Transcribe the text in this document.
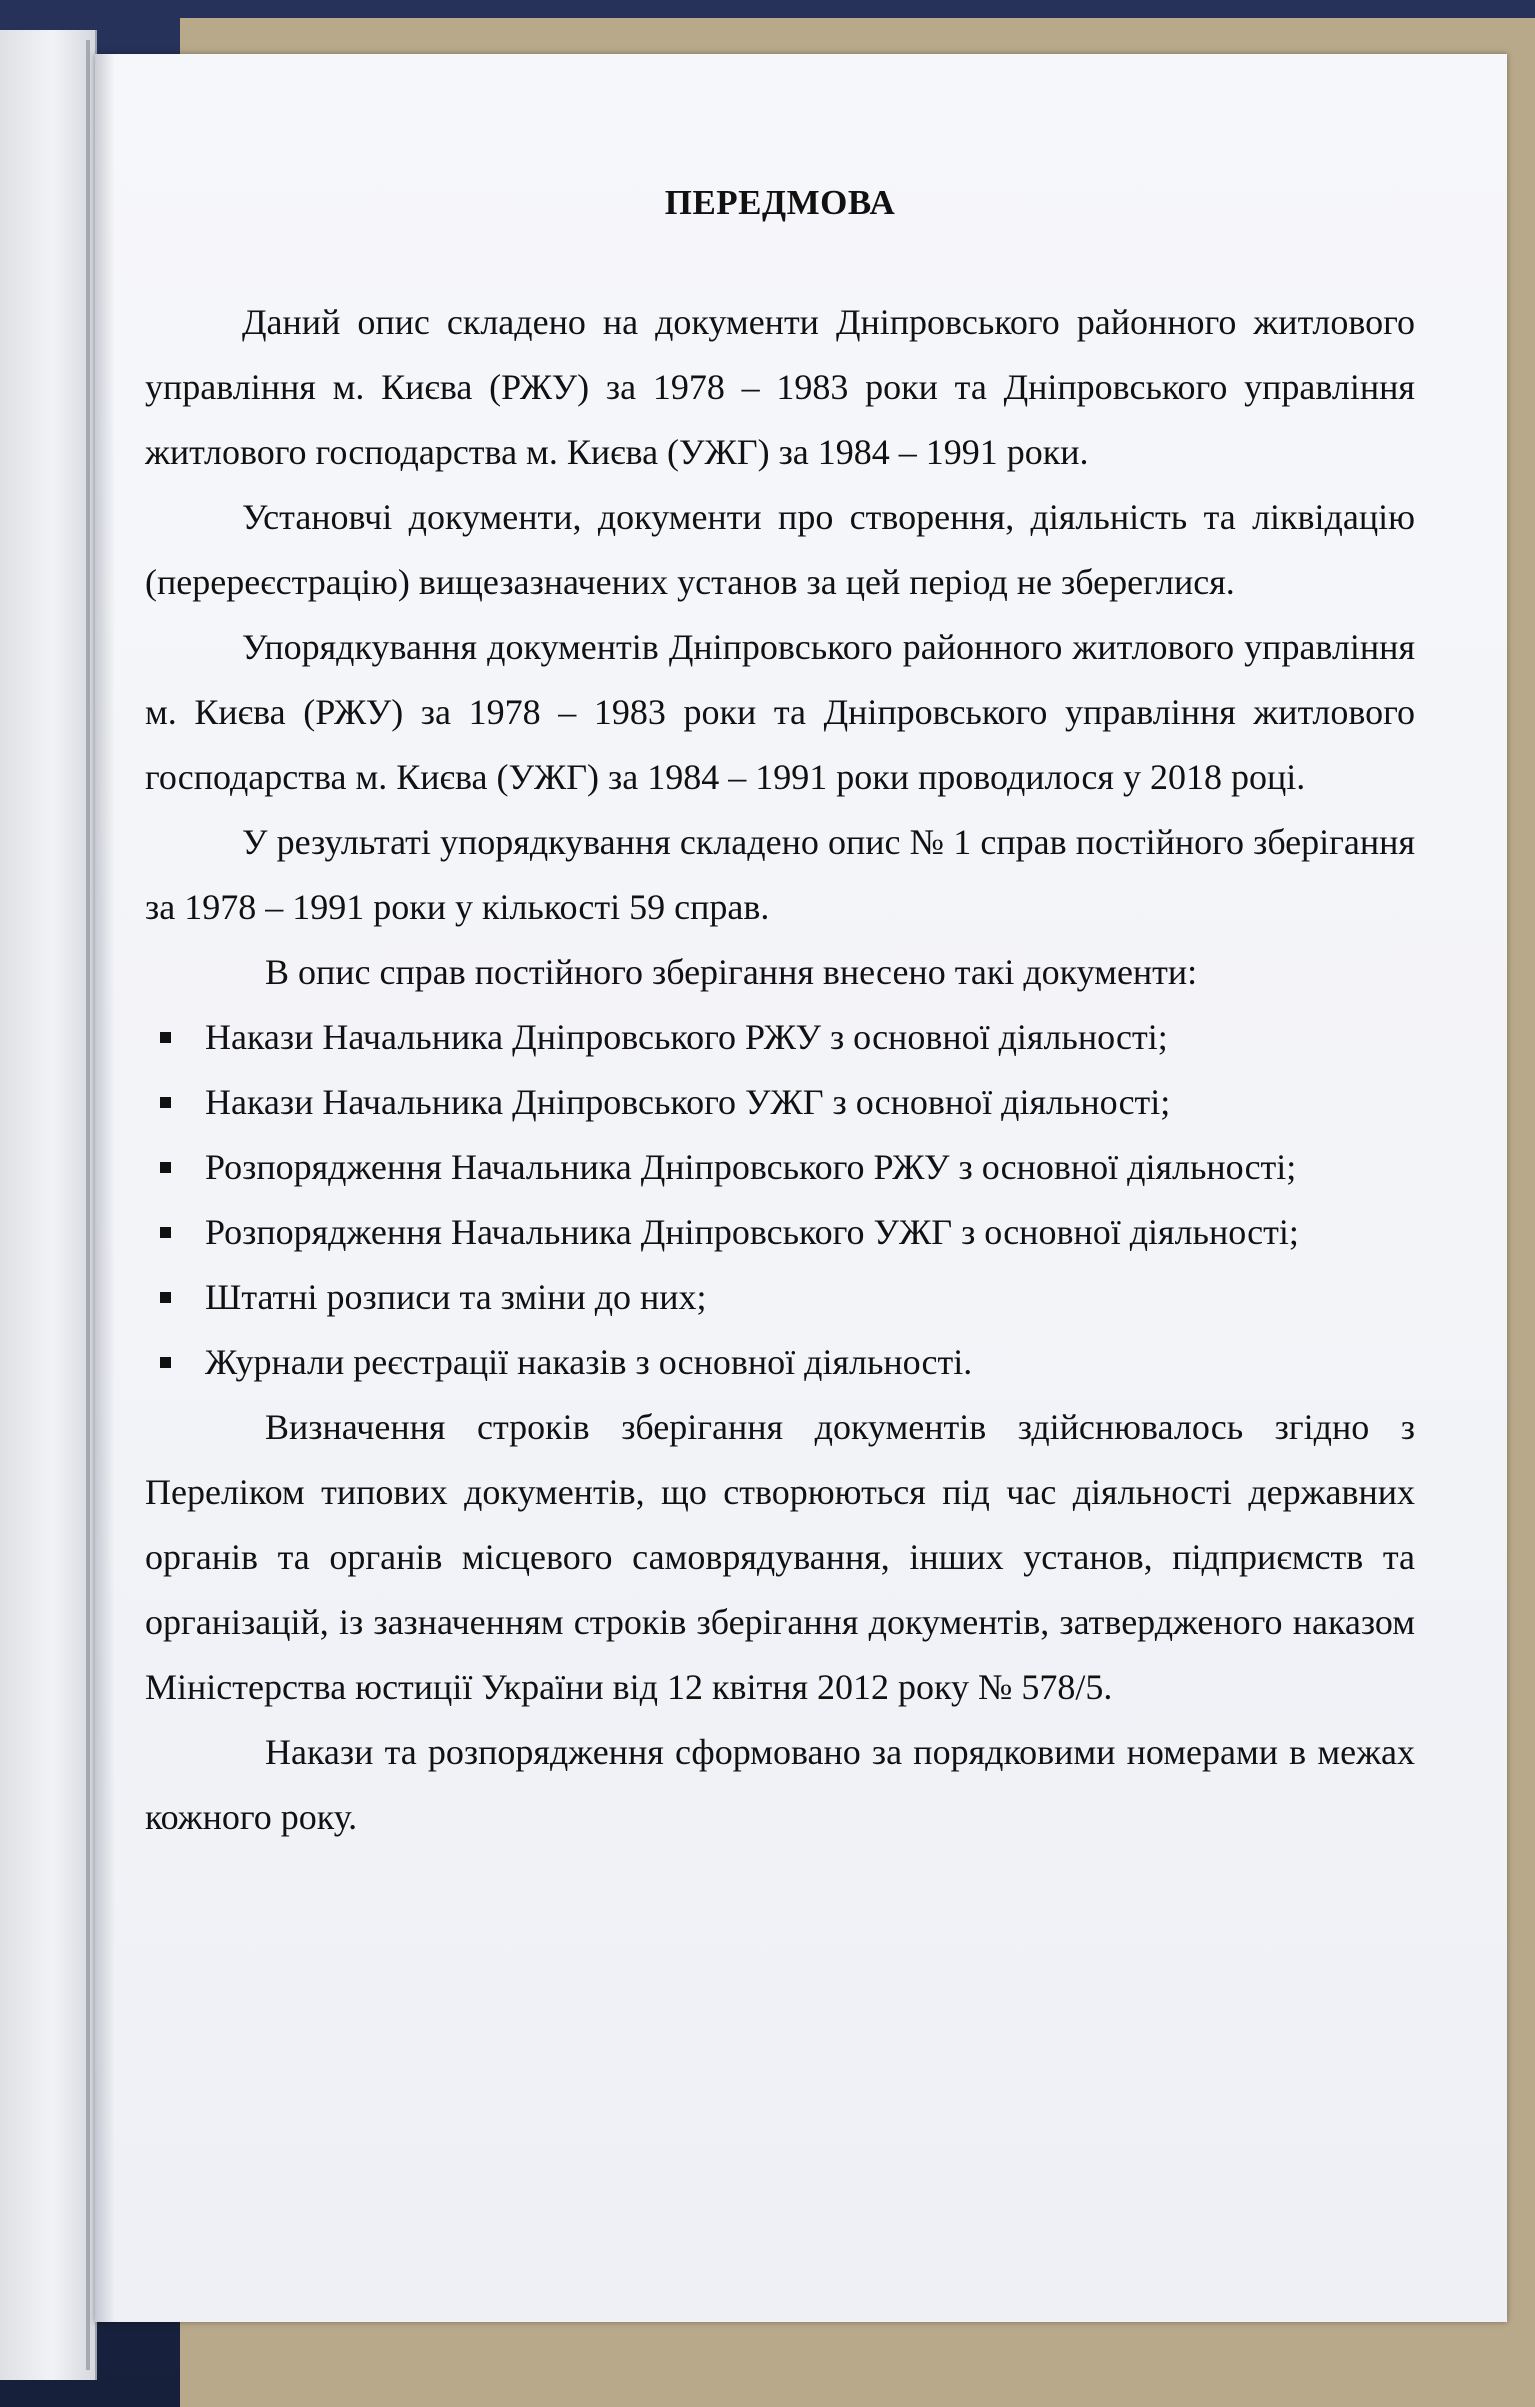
ПЕРЕДМОВА

Даний опис складено на документи Дніпровського районного житлового управління м. Києва (РЖУ) за 1978 – 1983 роки та Дніпровського управління житлового господарства м. Києва (УЖГ) за 1984 – 1991 роки.

Установчі документи, документи про створення, діяльність та ліквідацію (перереєстрацію) вищезазначених установ за цей період не збереглися.

Упорядкування документів Дніпровського районного житлового управління м. Києва (РЖУ) за 1978 – 1983 роки та Дніпровського управління житлового господарства м. Києва (УЖГ) за 1984 – 1991 роки проводилося у 2018 році.

У результаті упорядкування складено опис № 1 справ постійного зберігання за 1978 – 1991 роки у кількості 59 справ.

В опис справ постійного зберігання внесено такі документи:

Накази Начальника Дніпровського РЖУ з основної діяльності;
Накази Начальника Дніпровського УЖГ з основної діяльності;
Розпорядження Начальника Дніпровського РЖУ з основної діяльності;
Розпорядження Начальника Дніпровського УЖГ з основної діяльності;
Штатні розписи та зміни до них;
Журнали реєстрації наказів з основної діяльності.

Визначення строків зберігання документів здійснювалось згідно з Переліком типових документів, що створюються під час діяльності державних органів та органів місцевого самоврядування, інших установ, підприємств та організацій, із зазначенням строків зберігання документів, затвердженого наказом Міністерства юстиції України від 12 квітня 2012 року № 578/5.

Накази та розпорядження сформовано за порядковими номерами в межах кожного року.
